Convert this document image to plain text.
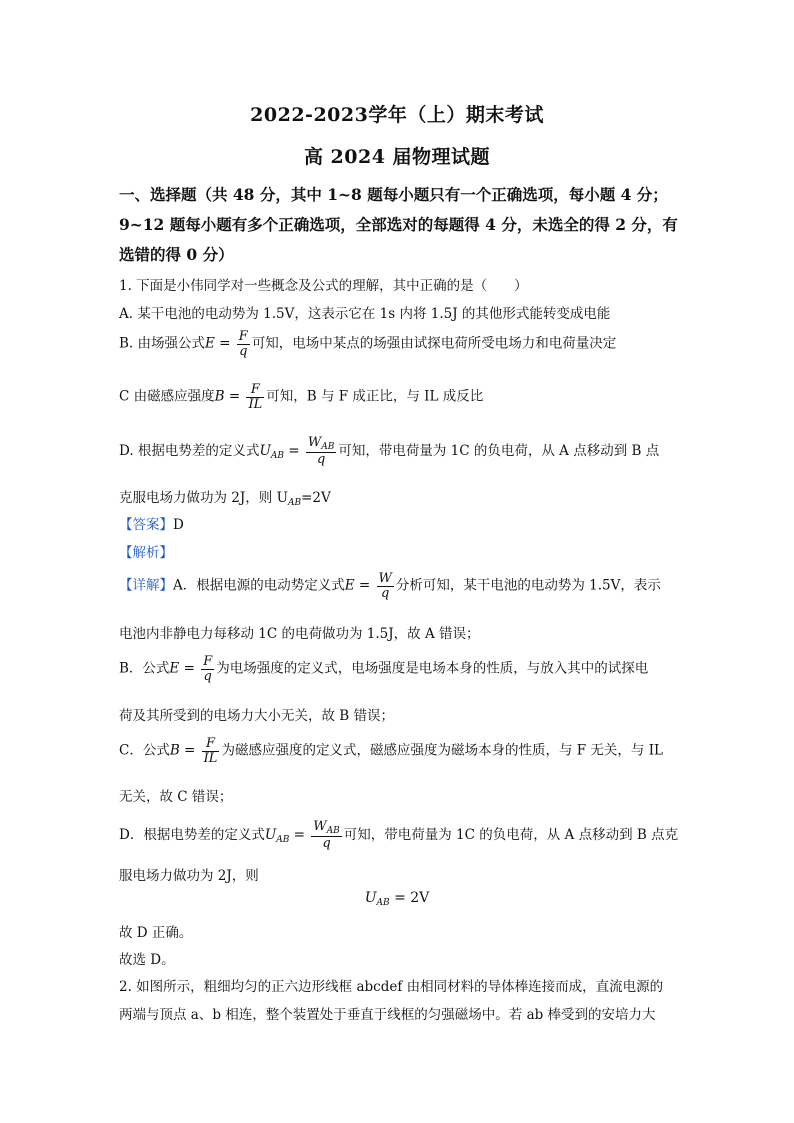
2022-2023学年（上）期末考试
高 2024 届物理试题
一、选择题（共 48 分，其中 1~8 题每小题只有一个正确选项，每小题 4 分；
9~12 题每小题有多个正确选项，全部选对的每题得 4 分，未选全的得 2 分，有
选错的得 0 分）
1. 下面是小伟同学对一些概念及公式的理解，其中正确的是（　　）
A. 某干电池的电动势为 1.5V，这表示它在 1s 内将 1.5J 的其他形式能转变成电能
B. 由场强公式$E = \frac{F}{q}$ 可知，电场中某点的场强由试探电荷所受电场力和电荷量决定
C 由磁感应强度$B = \frac{F}{IL}$ 可知，B 与 F 成正比，与 IL 成反比
D. 根据电势差的定义式$U_{AB} = \frac{W_{AB}}{q}$ 可知，带电荷量为 1C 的负电荷，从 A 点移动到 B 点
克服电场力做功为 2J，则 $U_{AB}=2V$
【答案】D
【解析】
【详解】A．根据电源的电动势定义式$E = \frac{W}{q}$ 分析可知，某干电池的电动势为 1.5V，表示
电池内非静电力每移动 1C 的电荷做功为 1.5J，故 A 错误；
B．公式$E = \frac{F}{q}$ 为电场强度的定义式，电场强度是电场本身的性质，与放入其中的试探电
荷及其所受到的电场力大小无关，故 B 错误；
C．公式$B = \frac{F}{IL}$ 为磁感应强度的定义式，磁感应强度为磁场本身的性质，与 F 无关，与 IL
无关，故 C 错误；
D．根据电势差的定义式$U_{AB} = \frac{W_{AB}}{q}$ 可知，带电荷量为 1C 的负电荷，从 A 点移动到 B 点克
服电场力做功为 2J，则
$U_{AB} = 2V$
故 D 正确。
故选 D。
2. 如图所示，粗细均匀的正六边形线框 abcdef 由相同材料的导体棒连接而成，直流电源的
两端与顶点 a、b 相连，整个装置处于垂直于线框的匀强磁场中。若 ab 棒受到的安培力大
